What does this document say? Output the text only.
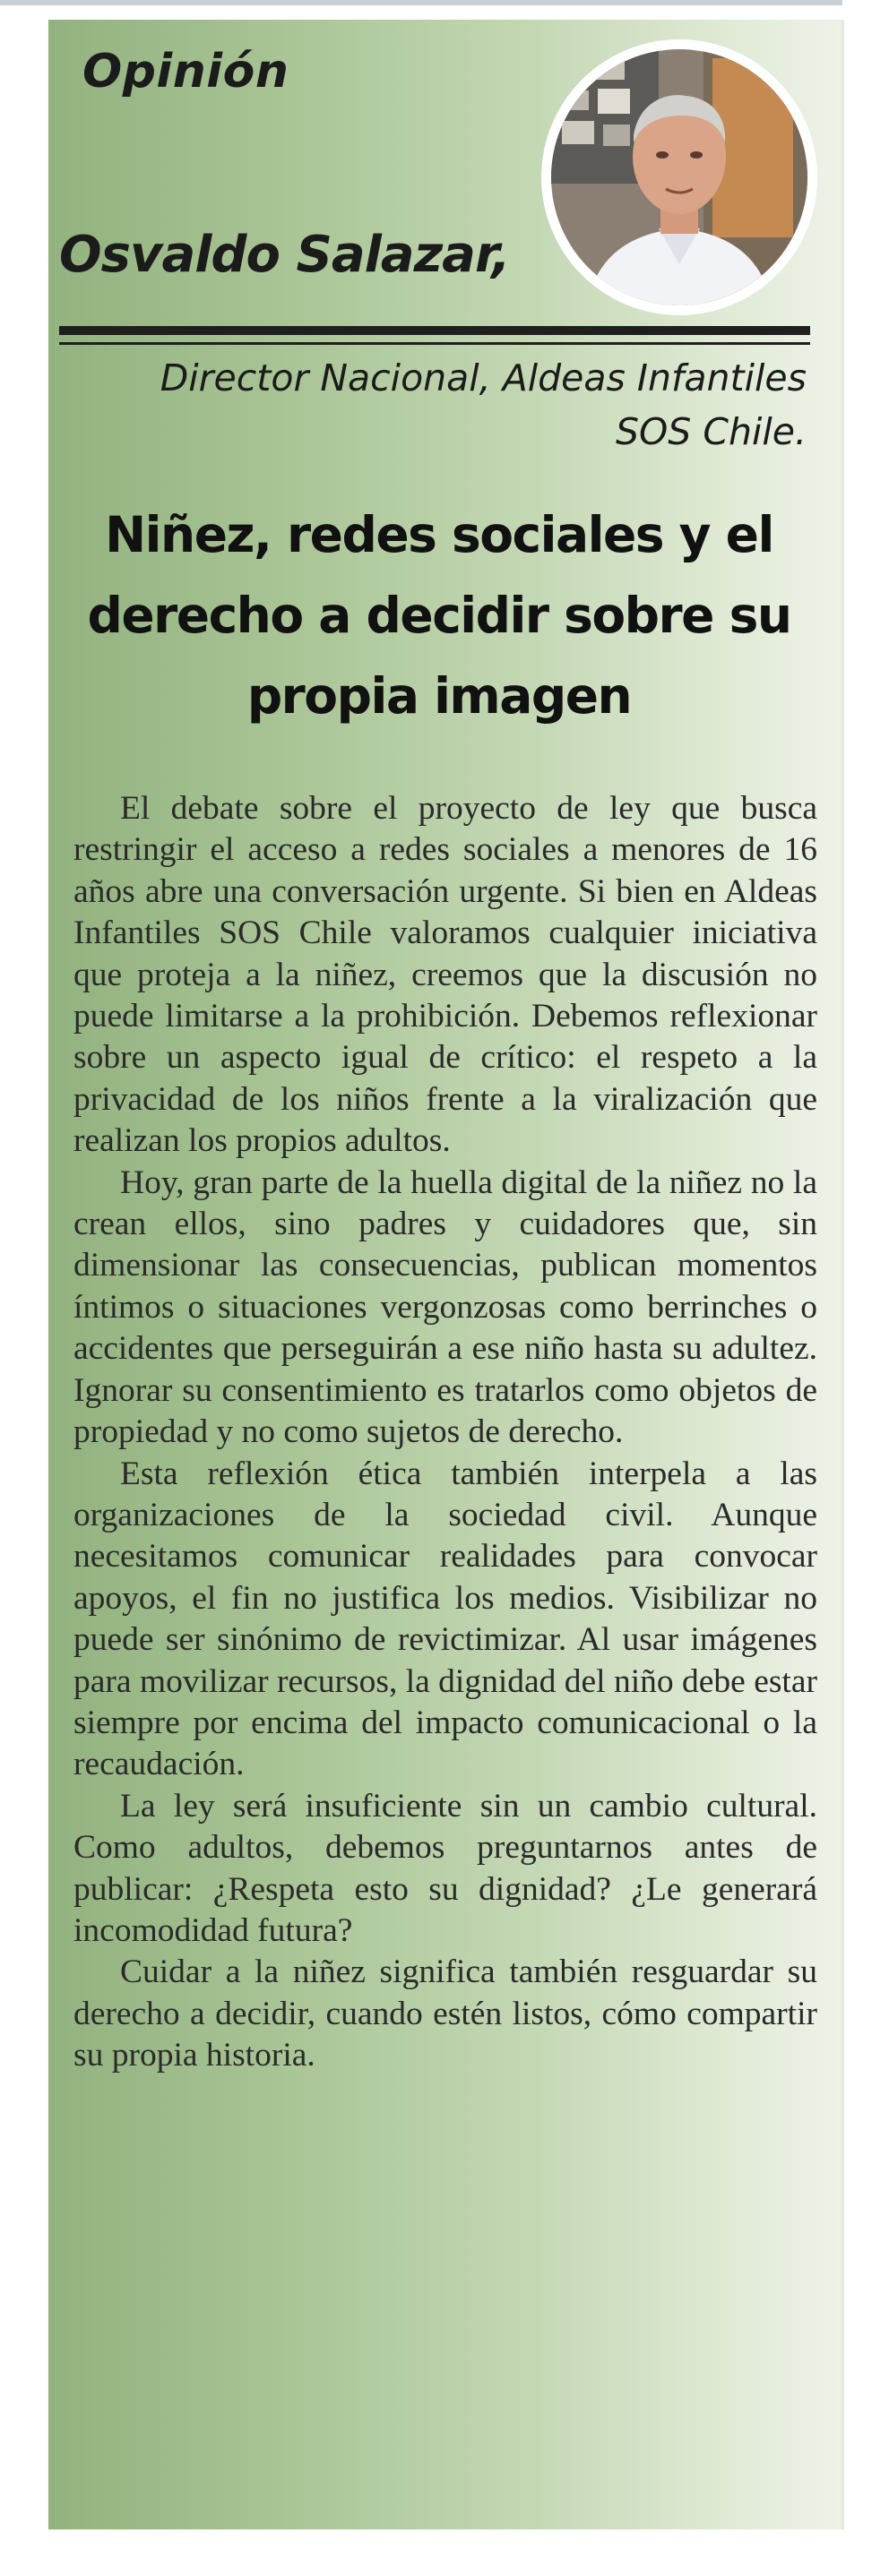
Opinión
Osvaldo Salazar,

Director Nacional, Aldeas Infantiles SOS Chile.

Niñez, redes sociales y el derecho a decidir sobre su propia imagen

El debate sobre el proyecto de ley que busca restringir el acceso a redes sociales a menores de 16 años abre una conversación urgente. Si bien en Aldeas Infantiles SOS Chile valoramos cualquier iniciativa que proteja a la niñez, creemos que la discusión no puede limitarse a la prohibición. Debemos reflexionar sobre un aspecto igual de crítico: el respeto a la privacidad de los niños frente a la viralización que realizan los propios adultos.

Hoy, gran parte de la huella digital de la niñez no la crean ellos, sino padres y cuidadores que, sin dimensionar las consecuencias, publican momentos íntimos o situaciones vergonzosas como berrinches o accidentes que perseguirán a ese niño hasta su adultez. Ignorar su consentimiento es tratarlos como objetos de propiedad y no como sujetos de derecho.

Esta reflexión ética también interpela a las organizaciones de la sociedad civil. Aunque necesitamos comunicar realidades para convocar apoyos, el fin no justifica los medios. Visibilizar no puede ser sinónimo de revictimizar. Al usar imágenes para movilizar recursos, la dignidad del niño debe estar siempre por encima del impacto comunicacional o la recaudación.

La ley será insuficiente sin un cambio cultural. Como adultos, debemos preguntarnos antes de publicar: ¿Respeta esto su dignidad? ¿Le generará incomodidad futura?

Cuidar a la niñez significa también resguardar su derecho a decidir, cuando estén listos, cómo compartir su propia historia.
